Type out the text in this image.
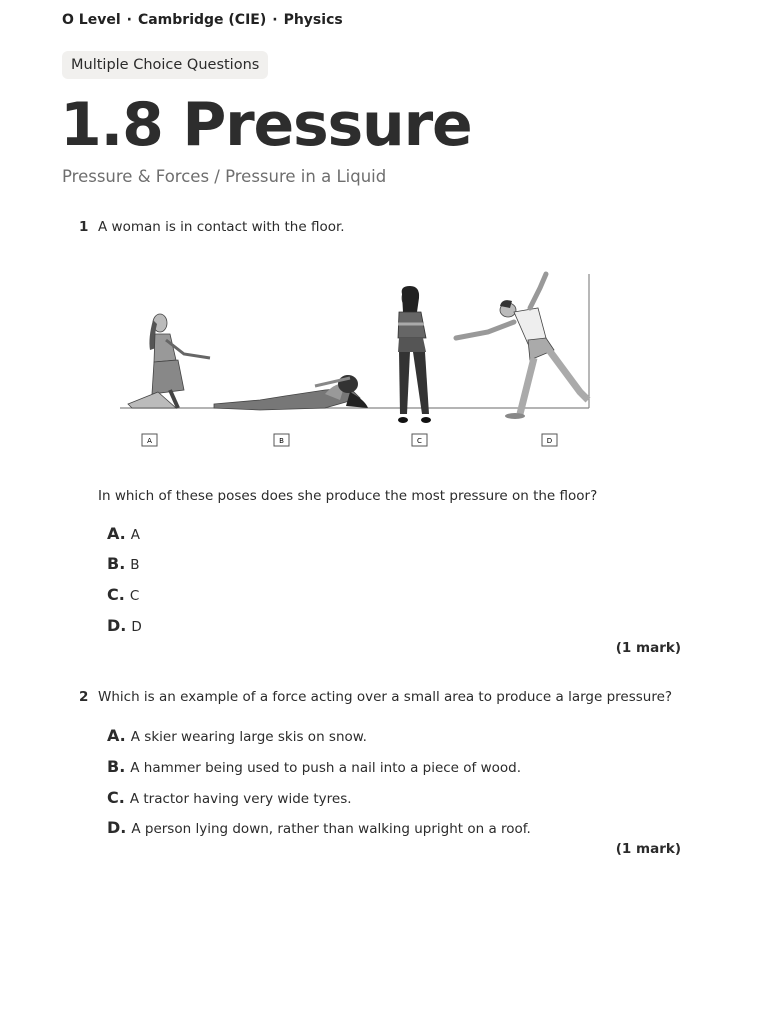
O Level · Cambridge (CIE) · Physics
Multiple Choice Questions
1.8 Pressure
Pressure & Forces / Pressure in a Liquid
1 A woman is in contact with the floor.
A	B	C	D
In which of these poses does she produce the most pressure on the floor?
A. A
B. B
C. C
D. D
(1 mark)
2 Which is an example of a force acting over a small area to produce a large pressure?
A. A skier wearing large skis on snow.
B. A hammer being used to push a nail into a piece of wood.
C. A tractor having very wide tyres.
D. A person lying down, rather than walking upright on a roof.
(1 mark)
